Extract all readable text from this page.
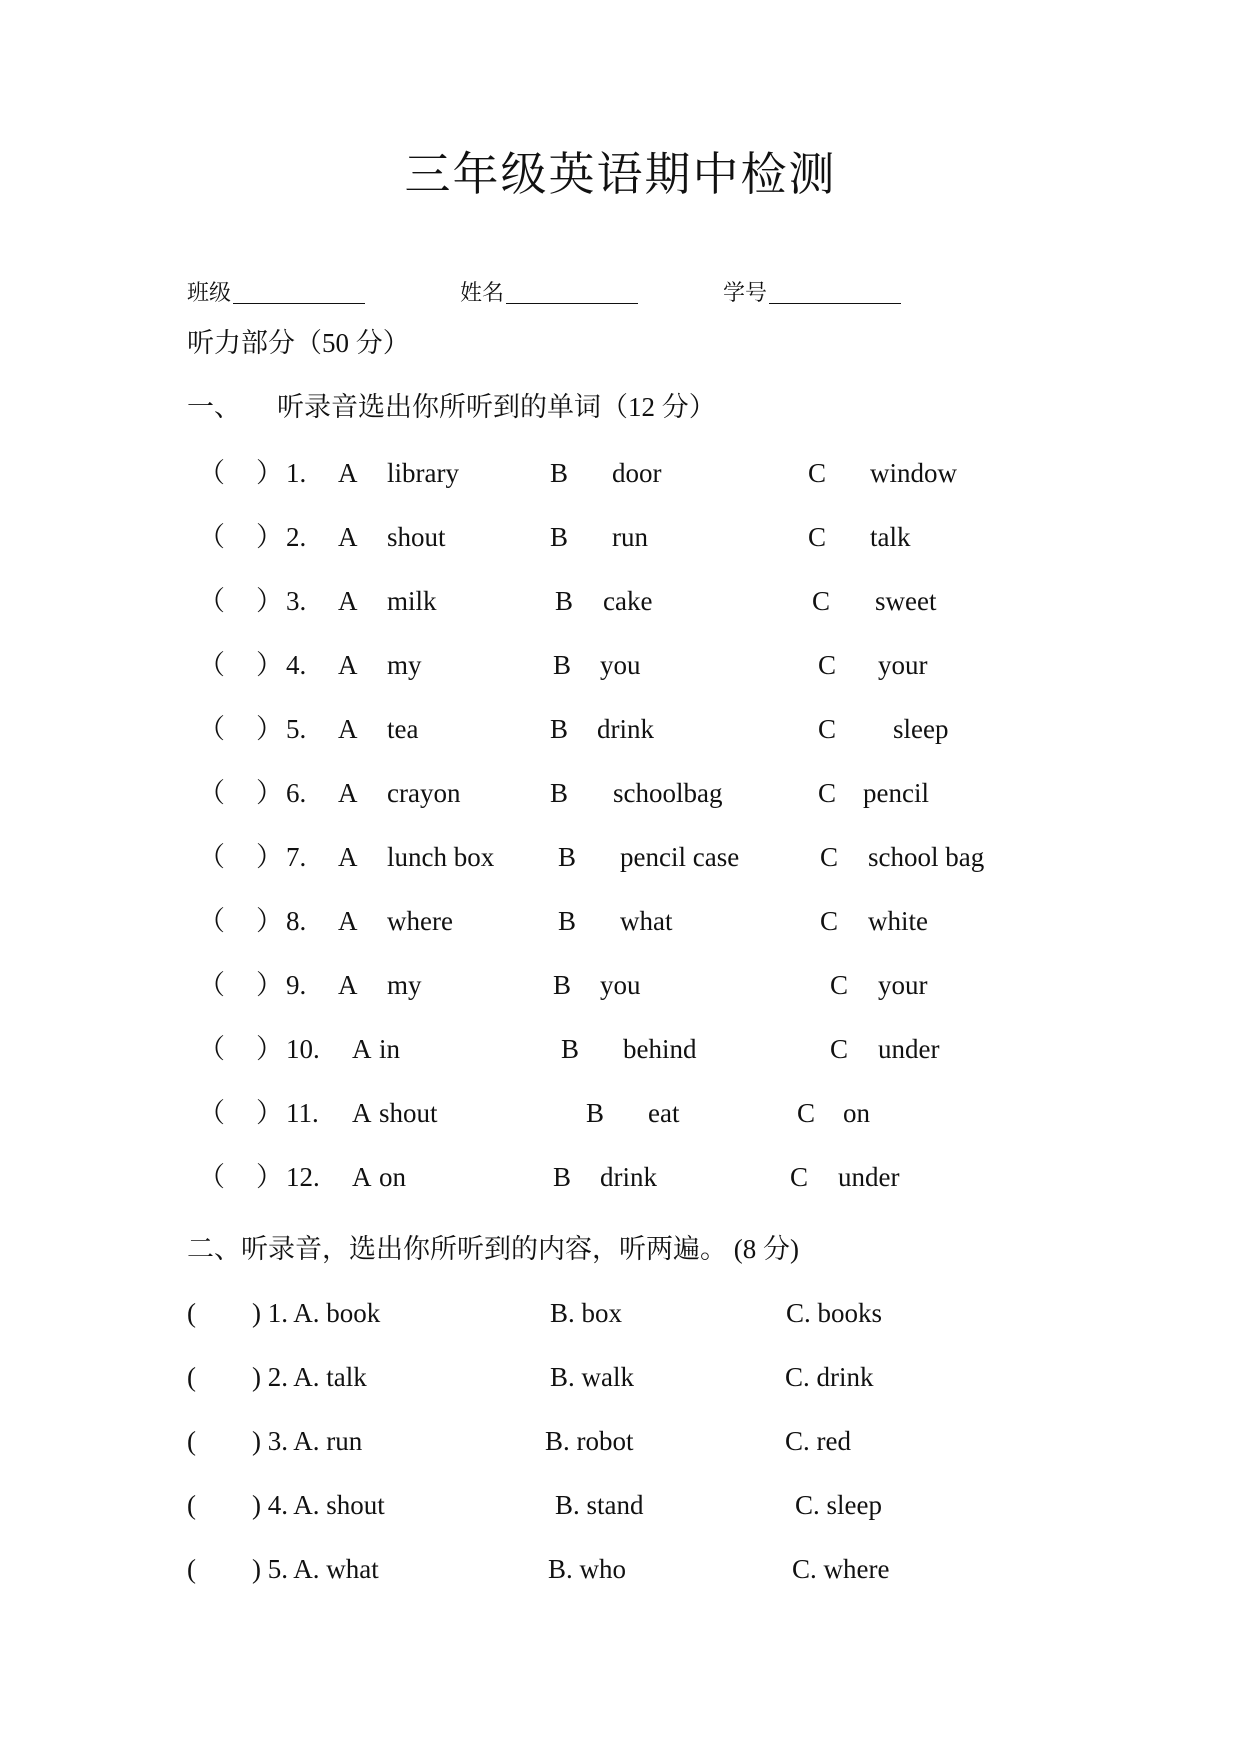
三年级英语期中检测
班级	姓名	学号
听力部分（50 分）
一、 听录音选出你所听到的单词（12 分）
（ ） 1. A library	B door	C window
（ ） 2. A shout	B run	C talk
（ ） 3. A milk	B cake	C sweet
（ ） 4. A my	B you	C your
（ ） 5. A tea	B drink	C sleep
（ ） 6. A crayon	B schoolbag	C pencil
（ ） 7. A lunch box B pencil case	C school bag
（ ） 8. A where	B what	C white
（ ） 9. A my	B you	C your
（ ） 10. A in	B behind	C under
（ ） 11. A shout	B eat	C on
（ ） 12. A on	B drink	C under
二、听录音，选出你所听到的内容，听两遍。 (8 分)
( ) 1. A. book	B. box	C. books
( ) 2. A. talk	B. walk	C. drink
( ) 3. A. run	B. robot	C. red
( ) 4. A. shout	B. stand	C. sleep
( ) 5. A. what	B. who	C. where
